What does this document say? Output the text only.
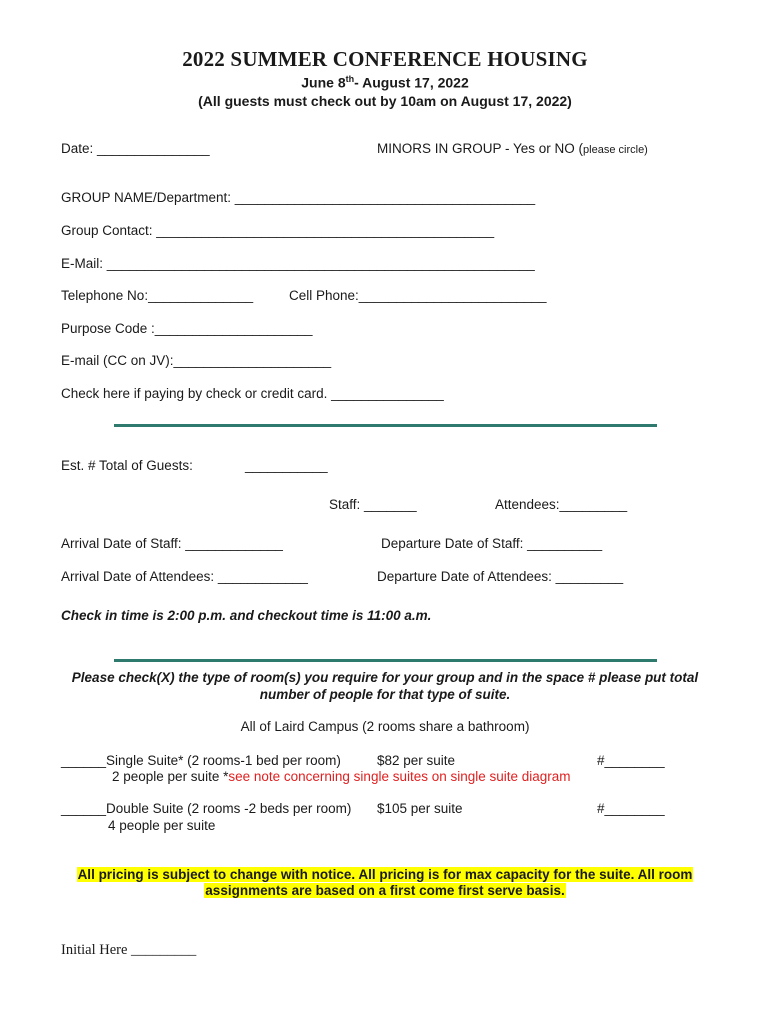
2022 SUMMER CONFERENCE HOUSING
June 8th- August 17, 2022
(All guests must check out by 10am on August 17, 2022)
Date: _______________	MINORS IN GROUP - Yes or NO (please circle)
GROUP NAME/Department: ________________________________________
Group Contact: _____________________________________________
E-Mail: _________________________________________________________
Telephone No:______________	Cell Phone:_________________________
Purpose Code :_____________________
E-mail (CC on JV):_____________________
Check here if paying by check or credit card. _______________
Est. # Total of Guests:	___________
Staff: _______	Attendees:_________
Arrival Date of Staff: _____________	Departure Date of Staff: __________
Arrival Date of Attendees: ____________	Departure Date of Attendees: _________
Check in time is 2:00 p.m. and checkout time is 11:00 a.m.
Please check(X) the type of room(s) you require for your group and in the space # please put total
number of people for that type of suite.
All of Laird Campus (2 rooms share a bathroom)
______Single Suite* (2 rooms-1 bed per room)	$82 per suite	#________
2 people per suite *see note concerning single suites on single suite diagram
______Double Suite (2 rooms -2 beds per room) $105 per suite	#________
4 people per suite
All pricing is subject to change with notice. All pricing is for max capacity for the suite. All room
assignments are based on a first come first serve basis.
Initial Here _________
